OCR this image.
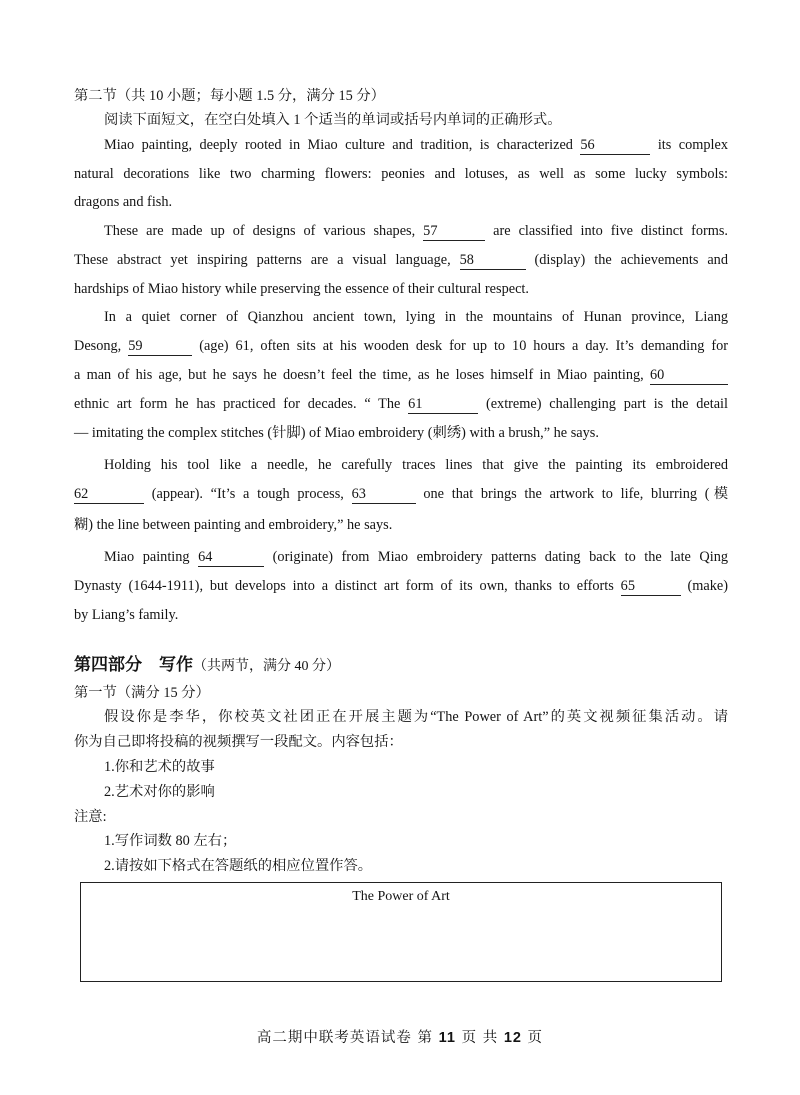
第二节（共 10 小题；每小题 1.5 分，满分 15 分）
阅读下面短文，在空白处填入 1 个适当的单词或括号内单词的正确形式。
Miao painting, deeply rooted in Miao culture and tradition, is characterized 56	its complex
natural decorations like two charming flowers: peonies and lotuses, as well as some lucky symbols:
dragons and fish.
These are made up of designs of various shapes, 57	are classified into five distinct forms.
These abstract yet inspiring patterns are a visual language, 58	(display) the achievements and
hardships of Miao history while preserving the essence of their cultural respect.
In a quiet corner of Qianzhou ancient town, lying in the mountains of Hunan province, Liang
Desong, 59	(age) 61, often sits at his wooden desk for up to 10 hours a day. It’s demanding for
a man of his age, but he says he doesn’t feel the time, as he loses himself in Miao painting, 60
ethnic art form he has practiced for decades. “ The 61	(extreme) challenging part is the detail
— imitating the complex stitches (针脚) of Miao embroidery (刺绣) with a brush,” he says.
Holding his tool like a needle, he carefully traces lines that give the painting its embroidered
62	(appear). “It’s a tough process, 63	one that brings the artwork to life, blurring (模
糊) the line between painting and embroidery,” he says.
Miao painting 64	(originate) from Miao embroidery patterns dating back to the late Qing
Dynasty (1644-1911), but develops into a distinct art form of its own, thanks to efforts 65	(make)
by Liang’s family.
第四部分　写作（共两节，满分 40 分）
第一节（满分 15 分）
假设你是李华，你校英文社团正在开展主题为“The Power of Art”的英文视频征集活动。请
你为自己即将投稿的视频撰写一段配文。内容包括：
1.你和艺术的故事
2.艺术对你的影响
注意:
1.写作词数 80 左右；
2.请按如下格式在答题纸的相应位置作答。
The Power of Art
高二期中联考英语试卷 第 11 页 共 12 页
